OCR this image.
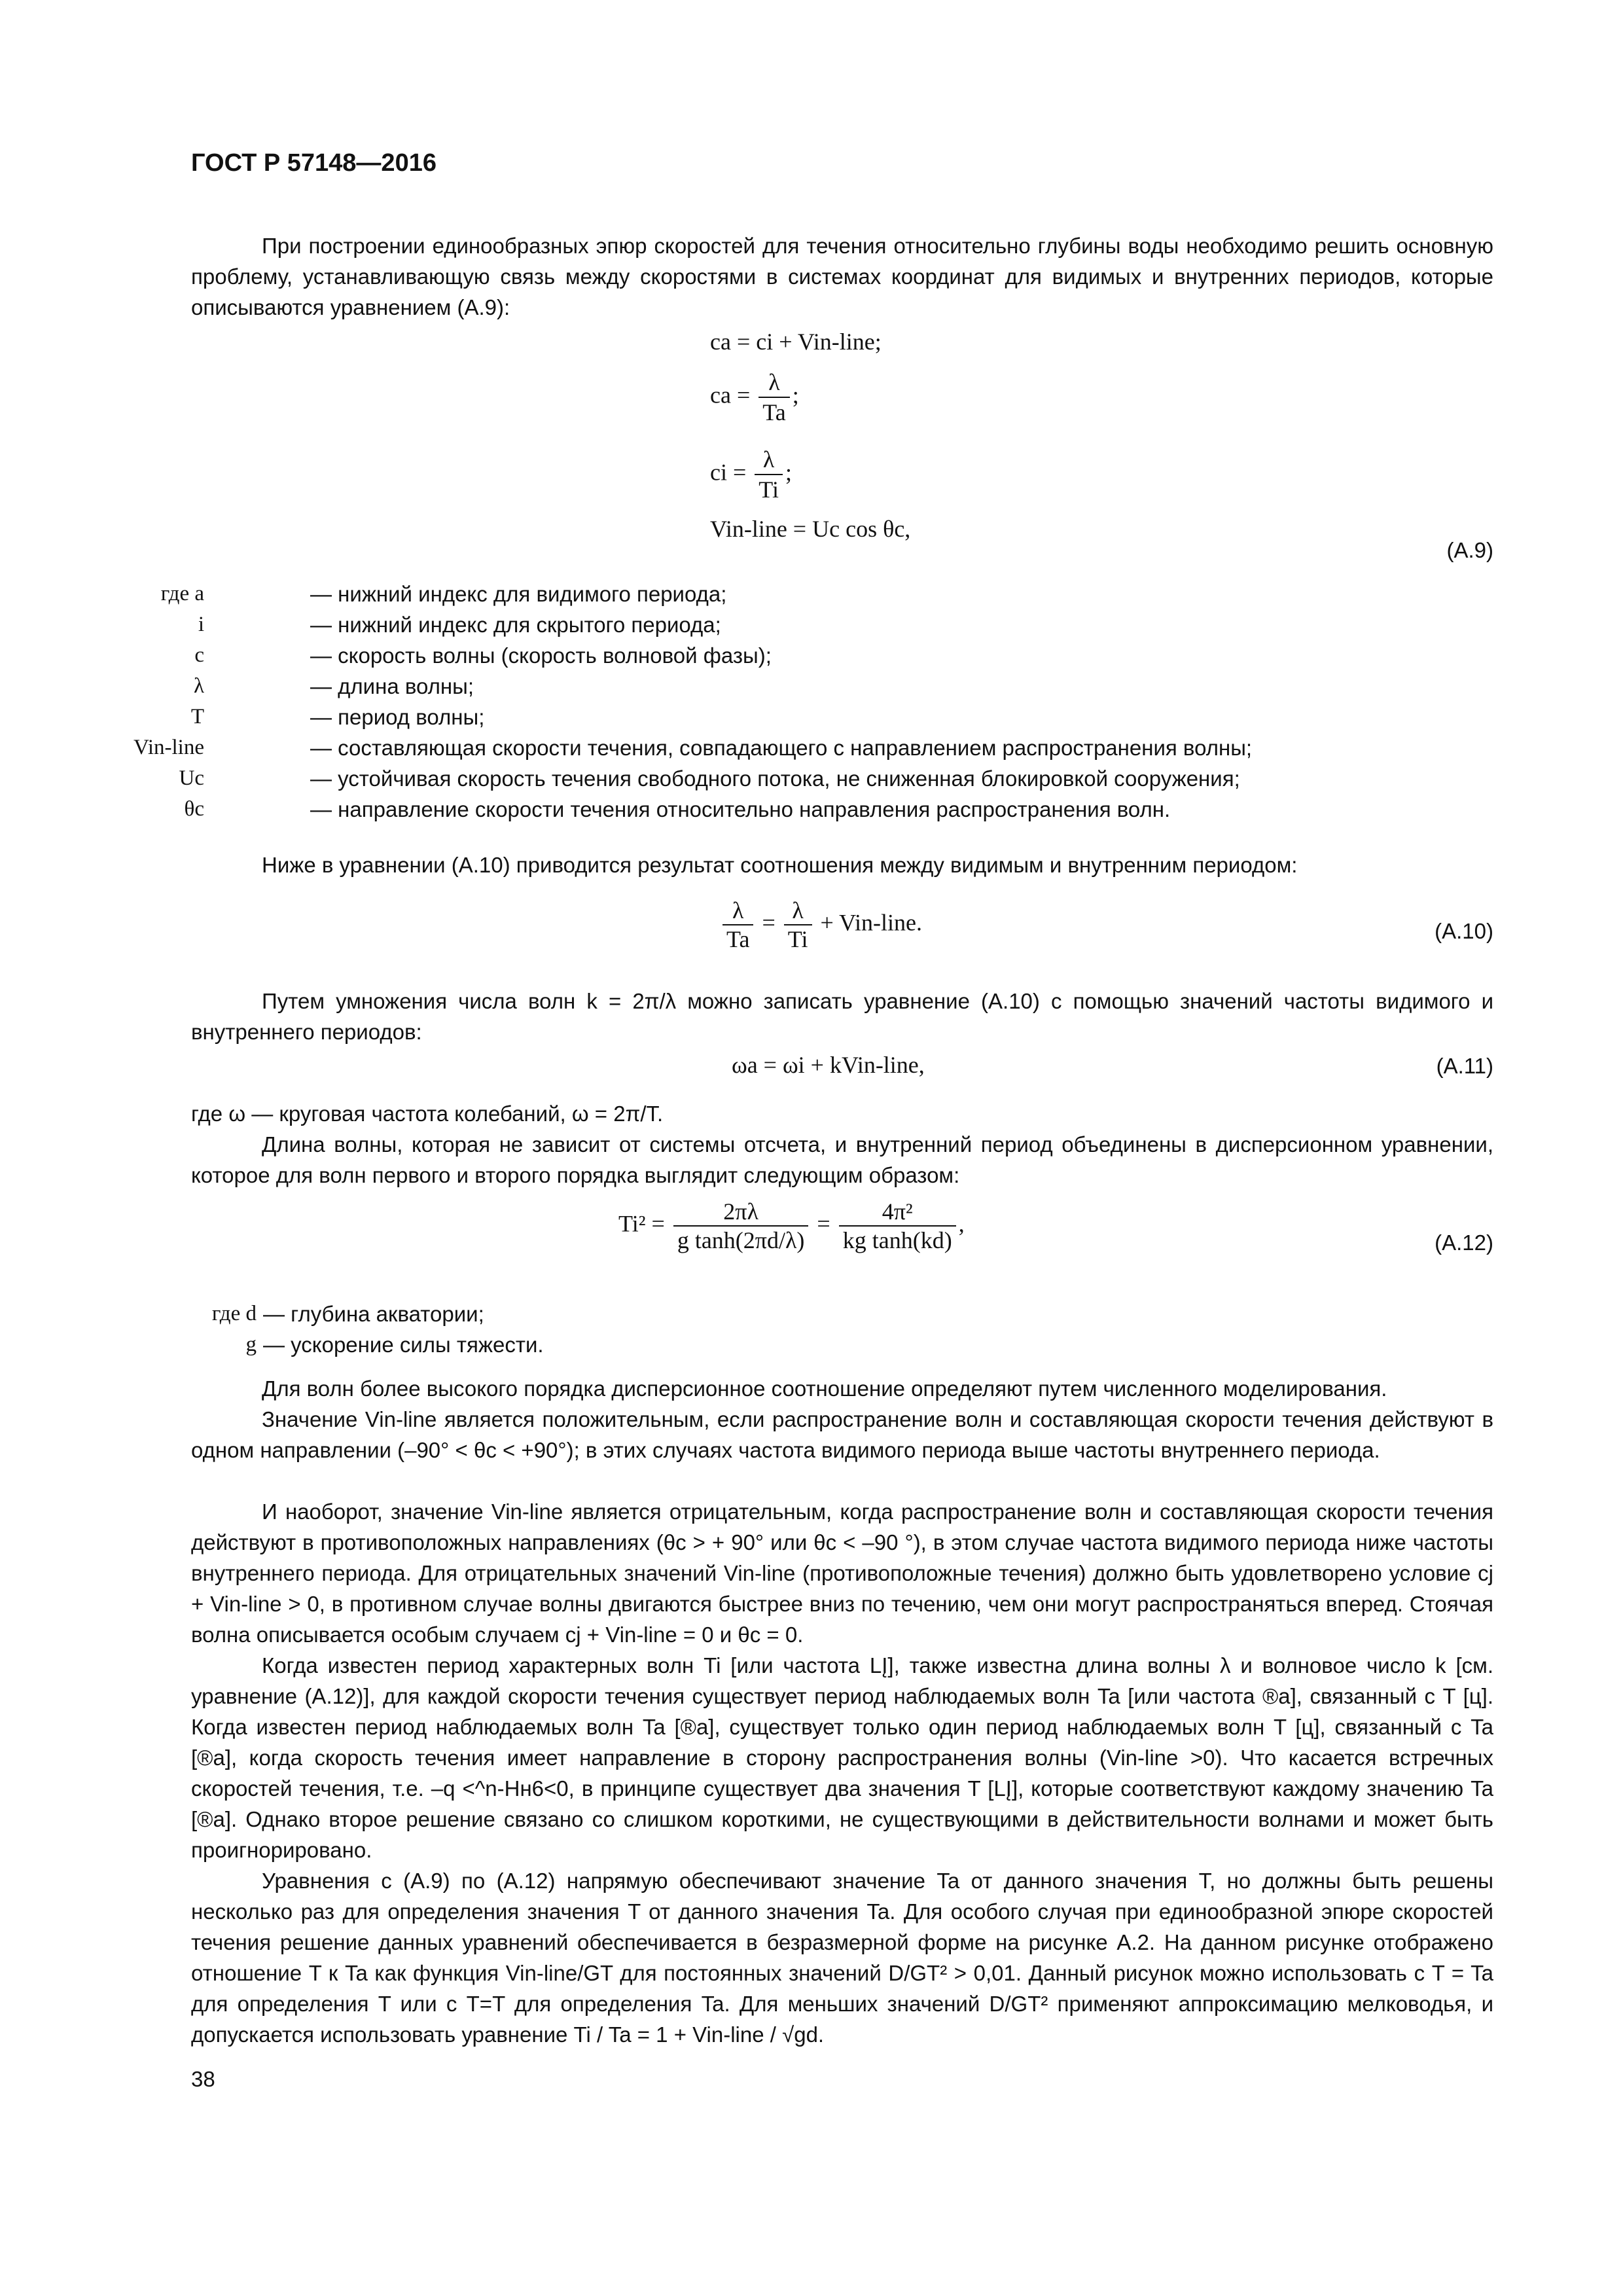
ГОСТ Р 57148—2016

При построении единообразных эпюр скоростей для течения относительно глубины воды необходимо решить основную проблему, устанавливающую связь между скоростями в системах координат для видимых и внутренних периодов, которые описываются уравнением (А.9):

ca = ci + Vin-line;
ca = $\frac{\lambda}{Ta}$ ;
ci = $\frac{\lambda}{Ti}$ ;
Vin-line = Uc cos θc,
(А.9)
где a	— нижний индекс для видимого периода;
i	— нижний индекс для скрытого периода;
c	— скорость волны (скорость волновой фазы);
λ	— длина волны;
T	— период волны;
Vin-line	— составляющая скорости течения, совпадающего с направлением распространения волны;
Uc	— устойчивая скорость течения свободного потока, не сниженная блокировкой сооружения;
θc	— направление скорости течения относительно направления распространения волн.

Ниже в уравнении (А.10) приводится результат соотношения между видимым и внутренним периодом:

$\frac{\lambda}{Ta} = \frac{\lambda}{Ti}$ + Vin-line.	(А.10)

Путем умножения числа волн k = 2π/λ можно записать уравнение (А.10) с помощью значений частоты видимого и внутреннего периодов:

ωa = ωi + kVin-line,	(А.11)

где ω — круговая частота колебаний, ω = 2π/T.

Длина волны, которая не зависит от системы отсчета, и внутренний период объединены в дисперсионном уравнении, которое для волн первого и второго порядка выглядит следующим образом:

$Ti^2 = \frac{2\pi\lambda}{\text{g tanh(2πd/λ)}} = \frac{\text{4π²}}{\text{kg tanh(kd)}}$ ,
(А.12)
где d — глубина акватории;
g — ускорение силы тяжести.

Для волн более высокого порядка дисперсионное соотношение определяют путем численного моделирования.

Значение Vin-line является положительным, если распространение волн и составляющая скорости течения действуют в одном направлении (–90° < θc < +90°); в этих случаях частота видимого периода выше частоты внутреннего периода.

И наоборот, значение Vin-line является отрицательным, когда распространение волн и составляющая скорости течения действуют в противоположных направлениях (θc > + 90° или θc < –90 °), в этом случае частота видимого периода ниже частоты внутреннего периода. Для отрицательных значений Vin-line (противоположные течения) должно быть удовлетворено условие cj + Vin-line > 0, в противном случае волны двигаются быстрее вниз по течению, чем они могут распространяться вперед. Стоячая волна описывается особым случаем cj + Vin-line = 0 и θc = 0.

Когда известен период характерных волн Ti [или частота LĮ], также известна длина волны λ и волновое число k [см. уравнение (А.12)], для каждой скорости течения существует период наблюдаемых волн Ta [или частота ®a], связанный с T [ц]. Когда известен период наблюдаемых волн Ta [®a], существует только один период наблюдаемых волн T [ц], связанный с Ta [®a], когда скорость течения имеет направление в сторону распространения волны (Vin-line >0). Что касается встречных скоростей течения, т.е. –q <^n-Hн6<0, в принципе существует два значения T [LĮ], которые соответствуют каждому значению Ta [®a]. Однако второе решение связано со слишком короткими, не существующими в действительности волнами и может быть проигнорировано.

Уравнения с (А.9) по (А.12) напрямую обеспечивают значение Ta от данного значения T, но должны быть решены несколько раз для определения значения T от данного значения Ta. Для особого случая при единообразной эпюре скоростей течения решение данных уравнений обеспечивается в безразмерной форме на рисунке А.2. На данном рисунке отображено отношение T к Ta как функция Vin-line/GT для постоянных значений D/GT² > 0,01. Данный рисунок можно использовать с T = Ta для определения T или с T=T для определения Ta. Для меньших значений D/GT² применяют аппроксимацию мелководья, и допускается использовать уравнение Ti / Ta = 1 + Vin-line / √gd.

38
